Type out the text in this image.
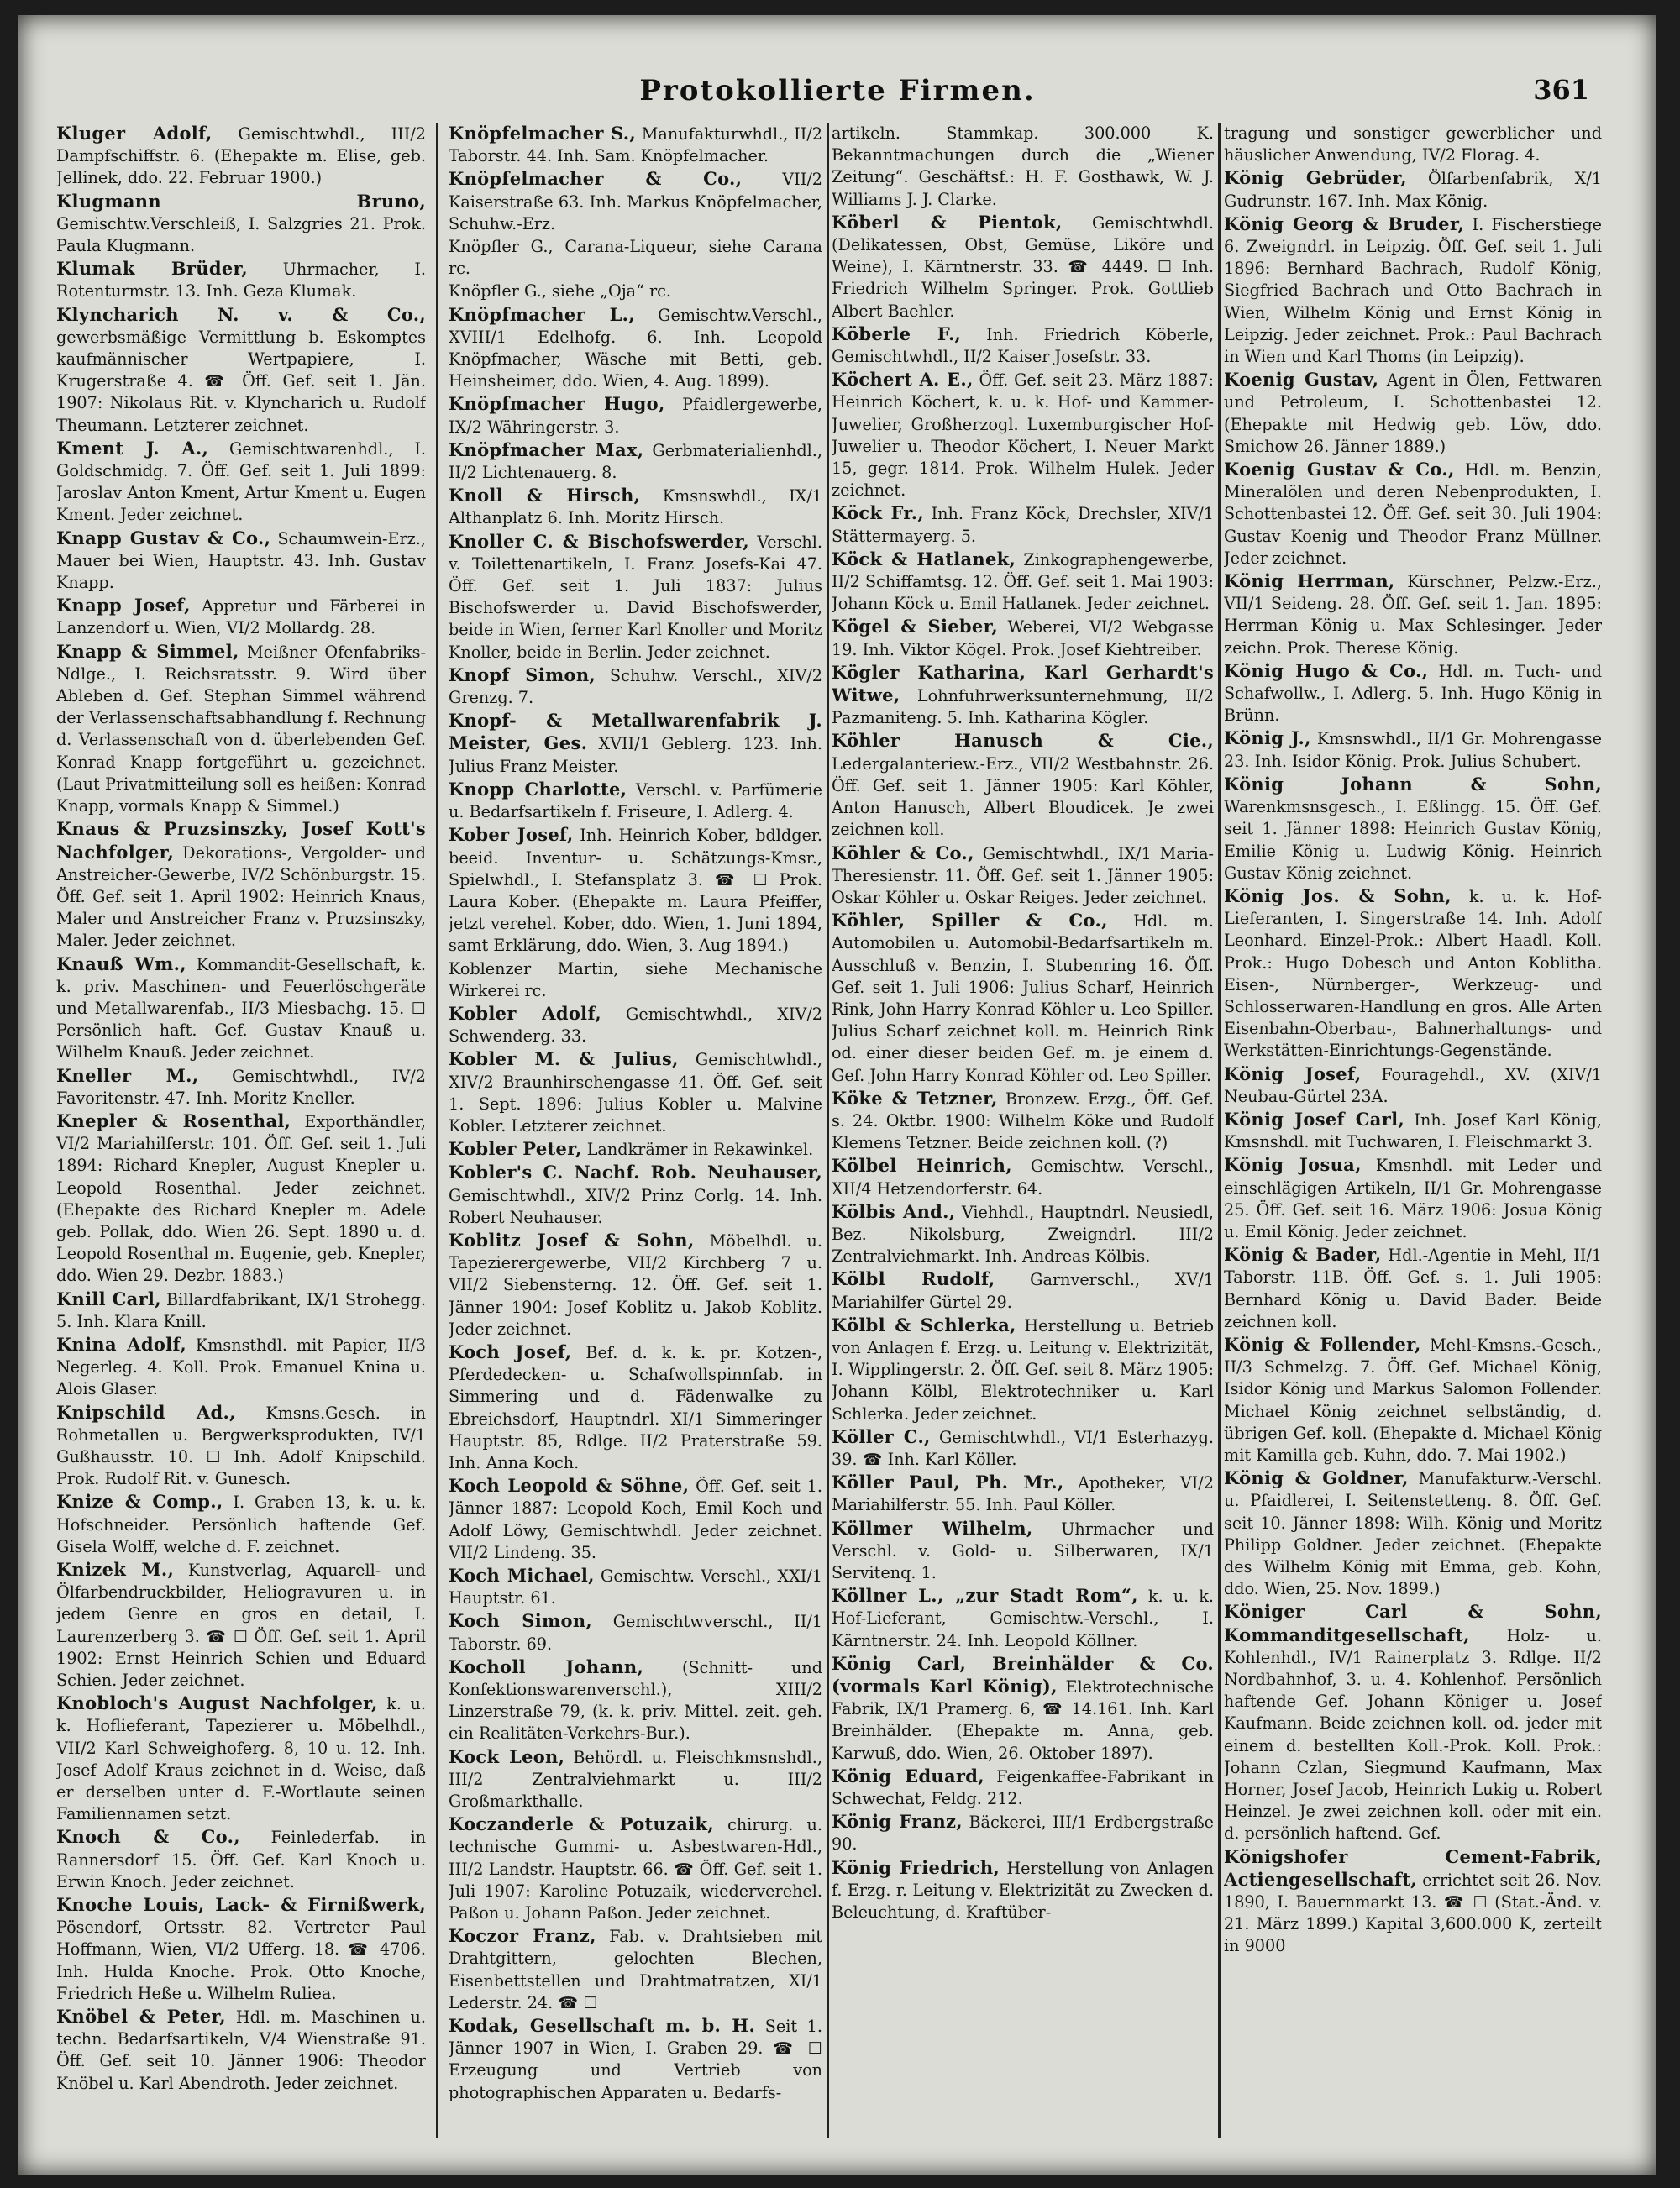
Protokollierte Firmen.	361
Kluger Adolf, Gemischtwhdl., III/2 Dampfschiffstr. 6. (Ehepakte m. Elise, geb. Jellinek, ddo. 22. Februar 1900.)
Klugmann Bruno, Gemischtw.Verschleiß, I. Salzgries 21. Prok. Paula Klugmann.
Klumak Brüder, Uhrmacher, I. Rotenturmstr. 13. Inh. Geza Klumak.
Klyncharich N. v. & Co., gewerbsmäßige Vermittlung b. Eskomptes kaufmännischer Wertpapiere, I. Krugerstraße 4. ☎ Öff. Gef. seit 1. Jän. 1907: Nikolaus Rit. v. Klyncharich u. Rudolf Theumann. Letzterer zeichnet.
Kment J. A., Gemischtwarenhdl., I. Goldschmidg. 7. Öff. Gef. seit 1. Juli 1899: Jaroslav Anton Kment, Artur Kment u. Eugen Kment. Jeder zeichnet.
Knapp Gustav & Co., Schaumwein-Erz., Mauer bei Wien, Hauptstr. 43. Inh. Gustav Knapp.
Knapp Josef, Appretur und Färberei in Lanzendorf u. Wien, VI/2 Mollardg. 28.
Knapp & Simmel, Meißner Ofenfabriks-Ndlge., I. Reichsratsstr. 9. Wird über Ableben d. Gef. Stephan Simmel während der Verlassenschaftsabhandlung f. Rechnung d. Verlassenschaft von d. überlebenden Gef. Konrad Knapp fortgeführt u. gezeichnet. (Laut Privatmitteilung soll es heißen: Konrad Knapp, vormals Knapp & Simmel.)
Knaus & Pruzsinszky, Josef Kott's Nachfolger, Dekorations-, Vergolder- und Anstreicher-Gewerbe, IV/2 Schönburgstr. 15. Öff. Gef. seit 1. April 1902: Heinrich Knaus, Maler und Anstreicher Franz v. Pruzsinszky, Maler. Jeder zeichnet.
Knauß Wm., Kommandit-Gesellschaft, k. k. priv. Maschinen- und Feuerlöschgeräte und Metallwarenfab., II/3 Miesbachg. 15. ☐ Persönlich haft. Gef. Gustav Knauß u. Wilhelm Knauß. Jeder zeichnet.
Kneller M., Gemischtwhdl., IV/2 Favoritenstr. 47. Inh. Moritz Kneller.
Knepler & Rosenthal, Exporthändler, VI/2 Mariahilferstr. 101. Öff. Gef. seit 1. Juli 1894: Richard Knepler, August Knepler u. Leopold Rosenthal. Jeder zeichnet. (Ehepakte des Richard Knepler m. Adele geb. Pollak, ddo. Wien 26. Sept. 1890 u. d. Leopold Rosenthal m. Eugenie, geb. Knepler, ddo. Wien 29. Dezbr. 1883.)
Knill Carl, Billardfabrikant, IX/1 Strohegg. 5. Inh. Klara Knill.
Knina Adolf, Kmsnsthdl. mit Papier, II/3 Negerleg. 4. Koll. Prok. Emanuel Knina u. Alois Glaser.
Knipschild Ad., Kmsns.Gesch. in Rohmetallen u. Bergwerksprodukten, IV/1 Gußhausstr. 10. ☐ Inh. Adolf Knipschild. Prok. Rudolf Rit. v. Gunesch.
Knize & Comp., I. Graben 13, k. u. k. Hofschneider. Persönlich haftende Gef. Gisela Wolff, welche d. F. zeichnet.
Knizek M., Kunstverlag, Aquarell- und Ölfarbendruckbilder, Heliogravuren u. in jedem Genre en gros en detail, I. Laurenzerberg 3. ☎ ☐ Öff. Gef. seit 1. April 1902: Ernst Heinrich Schien und Eduard Schien. Jeder zeichnet.
Knobloch's August Nachfolger, k. u. k. Hoflieferant, Tapezierer u. Möbelhdl., VII/2 Karl Schweighoferg. 8, 10 u. 12. Inh. Josef Adolf Kraus zeichnet in d. Weise, daß er derselben unter d. F.-Wortlaute seinen Familiennamen setzt.
Knoch & Co., Feinlederfab. in Rannersdorf 15. Öff. Gef. Karl Knoch u. Erwin Knoch. Jeder zeichnet.
Knoche Louis, Lack- & Firnißwerk, Pösendorf, Ortsstr. 82. Vertreter Paul Hoffmann, Wien, VI/2 Ufferg. 18. ☎ 4706. Inh. Hulda Knoche. Prok. Otto Knoche, Friedrich Heße u. Wilhelm Ruliea.
Knöbel & Peter, Hdl. m. Maschinen u. techn. Bedarfsartikeln, V/4 Wienstraße 91. Öff. Gef. seit 10. Jänner 1906: Theodor Knöbel u. Karl Abendroth. Jeder zeichnet.
Knöpfelmacher S., Manufakturwhdl., II/2 Taborstr. 44. Inh. Sam. Knöpfelmacher.
Knöpfelmacher & Co., VII/2 Kaiserstraße 63. Inh. Markus Knöpfelmacher, Schuhw.-Erz.
Knöpfler G., Carana-Liqueur, siehe Carana rc.
Knöpfler G., siehe „Oja“ rc.
Knöpfmacher L., Gemischtw.Verschl., XVIII/1 Edelhofg. 6. Inh. Leopold Knöpfmacher, Wäsche mit Betti, geb. Heinsheimer, ddo. Wien, 4. Aug. 1899).
Knöpfmacher Hugo, Pfaidlergewerbe, IX/2 Währingerstr. 3.
Knöpfmacher Max, Gerbmaterialienhdl., II/2 Lichtenauerg. 8.
Knoll & Hirsch, Kmsnswhdl., IX/1 Althanplatz 6. Inh. Moritz Hirsch.
Knoller C. & Bischofswerder, Verschl. v. Toilettenartikeln, I. Franz Josefs-Kai 47. Öff. Gef. seit 1. Juli 1837: Julius Bischofswerder u. David Bischofswerder, beide in Wien, ferner Karl Knoller und Moritz Knoller, beide in Berlin. Jeder zeichnet.
Knopf Simon, Schuhw. Verschl., XIV/2 Grenzg. 7.
Knopf- & Metallwarenfabrik J. Meister, Ges. XVII/1 Geblerg. 123. Inh. Julius Franz Meister.
Knopp Charlotte, Verschl. v. Parfümerie u. Bedarfsartikeln f. Friseure, I. Adlerg. 4.
Kober Josef, Inh. Heinrich Kober, bdldger. beeid. Inventur- u. Schätzungs-Kmsr., Spielwhdl., I. Stefansplatz 3. ☎ ☐ Prok. Laura Kober. (Ehepakte m. Laura Pfeiffer, jetzt verehel. Kober, ddo. Wien, 1. Juni 1894, samt Erklärung, ddo. Wien, 3. Aug 1894.)
Koblenzer Martin, siehe Mechanische Wirkerei rc.
Kobler Adolf, Gemischtwhdl., XIV/2 Schwenderg. 33.
Kobler M. & Julius, Gemischtwhdl., XIV/2 Braunhirschengasse 41. Öff. Gef. seit 1. Sept. 1896: Julius Kobler u. Malvine Kobler. Letzterer zeichnet.
Kobler Peter, Landkrämer in Rekawinkel.
Kobler's C. Nachf. Rob. Neuhauser, Gemischtwhdl., XIV/2 Prinz Corlg. 14. Inh. Robert Neuhauser.
Koblitz Josef & Sohn, Möbelhdl. u. Tapezierergewerbe, VII/2 Kirchberg 7 u. VII/2 Siebensterng. 12. Öff. Gef. seit 1. Jänner 1904: Josef Koblitz u. Jakob Koblitz. Jeder zeichnet.
Koch Josef, Bef. d. k. k. pr. Kotzen-, Pferdedecken- u. Schafwollspinnfab. in Simmering und d. Fädenwalke zu Ebreichsdorf, Hauptndrl. XI/1 Simmeringer Hauptstr. 85, Rdlge. II/2 Praterstraße 59. Inh. Anna Koch.
Koch Leopold & Söhne, Öff. Gef. seit 1. Jänner 1887: Leopold Koch, Emil Koch und Adolf Löwy, Gemischtwhdl. Jeder zeichnet. VII/2 Lindeng. 35.
Koch Michael, Gemischtw. Verschl., XXI/1 Hauptstr. 61.
Koch Simon, Gemischtwverschl., II/1 Taborstr. 69.
Kocholl Johann, (Schnitt- und Konfektionswarenverschl.), XIII/2 Linzerstraße 79, (k. k. priv. Mittel. zeit. geh. ein Realitäten-Verkehrs-Bur.).
Kock Leon, Behördl. u. Fleischkmsnshdl., III/2 Zentralviehmarkt u. III/2 Großmarkthalle.
Koczanderle & Potuzaik, chirurg. u. technische Gummi- u. Asbestwaren-Hdl., III/2 Landstr. Hauptstr. 66. ☎ Öff. Gef. seit 1. Juli 1907: Karoline Potuzaik, wiederverehel. Paßon u. Johann Paßon. Jeder zeichnet.
Koczor Franz, Fab. v. Drahtsieben mit Drahtgittern, gelochten Blechen, Eisenbettstellen und Drahtmatratzen, XI/1 Lederstr. 24. ☎ ☐
Kodak, Gesellschaft m. b. H. Seit 1. Jänner 1907 in Wien, I. Graben 29. ☎ ☐ Erzeugung und Vertrieb von photographischen Apparaten u. Bedarfs-
artikeln. Stammkap. 300.000 K. Bekanntmachungen durch die „Wiener Zeitung“. Geschäftsf.: H. F. Gosthawk, W. J. Williams J. J. Clarke.
Köberl & Pientok, Gemischtwhdl. (Delikatessen, Obst, Gemüse, Liköre und Weine), I. Kärntnerstr. 33. ☎ 4449. ☐ Inh. Friedrich Wilhelm Springer. Prok. Gottlieb Albert Baehler.
Köberle F., Inh. Friedrich Köberle, Gemischtwhdl., II/2 Kaiser Josefstr. 33.
Köchert A. E., Öff. Gef. seit 23. März 1887: Heinrich Köchert, k. u. k. Hof- und Kammer-Juwelier, Großherzogl. Luxemburgischer Hof-Juwelier u. Theodor Köchert, I. Neuer Markt 15, gegr. 1814. Prok. Wilhelm Hulek. Jeder zeichnet.
Köck Fr., Inh. Franz Köck, Drechsler, XIV/1 Stättermayerg. 5.
Köck & Hatlanek, Zinkographengewerbe, II/2 Schiffamtsg. 12. Öff. Gef. seit 1. Mai 1903: Johann Köck u. Emil Hatlanek. Jeder zeichnet.
Kögel & Sieber, Weberei, VI/2 Webgasse 19. Inh. Viktor Kögel. Prok. Josef Kiehtreiber.
Kögler Katharina, Karl Gerhardt's Witwe, Lohnfuhrwerksunternehmung, II/2 Pazmaniteng. 5. Inh. Katharina Kögler.
Köhler Hanusch & Cie., Ledergalanteriew.-Erz., VII/2 Westbahnstr. 26. Öff. Gef. seit 1. Jänner 1905: Karl Köhler, Anton Hanusch, Albert Bloudicek. Je zwei zeichnen koll.
Köhler & Co., Gemischtwhdl., IX/1 Maria-Theresienstr. 11. Öff. Gef. seit 1. Jänner 1905: Oskar Köhler u. Oskar Reiges. Jeder zeichnet.
Köhler, Spiller & Co., Hdl. m. Automobilen u. Automobil-Bedarfsartikeln m. Ausschluß v. Benzin, I. Stubenring 16. Öff. Gef. seit 1. Juli 1906: Julius Scharf, Heinrich Rink, John Harry Konrad Köhler u. Leo Spiller. Julius Scharf zeichnet koll. m. Heinrich Rink od. einer dieser beiden Gef. m. je einem d. Gef. John Harry Konrad Köhler od. Leo Spiller.
Köke & Tetzner, Bronzew. Erzg., Öff. Gef. s. 24. Oktbr. 1900: Wilhelm Köke und Rudolf Klemens Tetzner. Beide zeichnen koll. (?)
Kölbel Heinrich, Gemischtw. Verschl., XII/4 Hetzendorferstr. 64.
Kölbis And., Viehhdl., Hauptndrl. Neusiedl, Bez. Nikolsburg, Zweigndrl. III/2 Zentralviehmarkt. Inh. Andreas Kölbis.
Kölbl Rudolf, Garnverschl., XV/1 Mariahilfer Gürtel 29.
Kölbl & Schlerka, Herstellung u. Betrieb von Anlagen f. Erzg. u. Leitung v. Elektrizität, I. Wipplingerstr. 2. Öff. Gef. seit 8. März 1905: Johann Kölbl, Elektrotechniker u. Karl Schlerka. Jeder zeichnet.
Köller C., Gemischtwhdl., VI/1 Esterhazyg. 39. ☎ Inh. Karl Köller.
Köller Paul, Ph. Mr., Apotheker, VI/2 Mariahilferstr. 55. Inh. Paul Köller.
Köllmer Wilhelm, Uhrmacher und Verschl. v. Gold- u. Silberwaren, IX/1 Servitenq. 1.
Köllner L., „zur Stadt Rom“, k. u. k. Hof-Lieferant, Gemischtw.-Verschl., I. Kärntnerstr. 24. Inh. Leopold Köllner.
König Carl, Breinhälder & Co. (vormals Karl König), Elektrotechnische Fabrik, IX/1 Pramerg. 6, ☎ 14.161. Inh. Karl Breinhälder. (Ehepakte m. Anna, geb. Karwuß, ddo. Wien, 26. Oktober 1897).
König Eduard, Feigenkaffee-Fabrikant in Schwechat, Feldg. 212.
König Franz, Bäckerei, III/1 Erdbergstraße 90.
König Friedrich, Herstellung von Anlagen f. Erzg. r. Leitung v. Elektrizität zu Zwecken d. Beleuchtung, d. Kraftüber-
tragung und sonstiger gewerblicher und häuslicher Anwendung, IV/2 Florag. 4.
König Gebrüder, Ölfarbenfabrik, X/1 Gudrunstr. 167. Inh. Max König.
König Georg & Bruder, I. Fischerstiege 6. Zweigndrl. in Leipzig. Öff. Gef. seit 1. Juli 1896: Bernhard Bachrach, Rudolf König, Siegfried Bachrach und Otto Bachrach in Wien, Wilhelm König und Ernst König in Leipzig. Jeder zeichnet. Prok.: Paul Bachrach in Wien und Karl Thoms (in Leipzig).
Koenig Gustav, Agent in Ölen, Fettwaren und Petroleum, I. Schottenbastei 12. (Ehepakte mit Hedwig geb. Löw, ddo. Smichow 26. Jänner 1889.)
Koenig Gustav & Co., Hdl. m. Benzin, Mineralölen und deren Nebenprodukten, I. Schottenbastei 12. Öff. Gef. seit 30. Juli 1904: Gustav Koenig und Theodor Franz Müllner. Jeder zeichnet.
König Herrman, Kürschner, Pelzw.-Erz., VII/1 Seideng. 28. Öff. Gef. seit 1. Jan. 1895: Herrman König u. Max Schlesinger. Jeder zeichn. Prok. Therese König.
König Hugo & Co., Hdl. m. Tuch- und Schafwollw., I. Adlerg. 5. Inh. Hugo König in Brünn.
König J., Kmsnswhdl., II/1 Gr. Mohrengasse 23. Inh. Isidor König. Prok. Julius Schubert.
König Johann & Sohn, Warenkmsnsgesch., I. Eßlingg. 15. Öff. Gef. seit 1. Jänner 1898: Heinrich Gustav König, Emilie König u. Ludwig König. Heinrich Gustav König zeichnet.
König Jos. & Sohn, k. u. k. Hof-Lieferanten, I. Singerstraße 14. Inh. Adolf Leonhard. Einzel-Prok.: Albert Haadl. Koll. Prok.: Hugo Dobesch und Anton Koblitha. Eisen-, Nürnberger-, Werkzeug- und Schlosserwaren-Handlung en gros. Alle Arten Eisenbahn-Oberbau-, Bahnerhaltungs- und Werkstätten-Einrichtungs-Gegenstände.
König Josef, Fouragehdl., XV. (XIV/1 Neubau-Gürtel 23A.
König Josef Carl, Inh. Josef Karl König, Kmsnshdl. mit Tuchwaren, I. Fleischmarkt 3.
König Josua, Kmsnhdl. mit Leder und einschlägigen Artikeln, II/1 Gr. Mohrengasse 25. Öff. Gef. seit 16. März 1906: Josua König u. Emil König. Jeder zeichnet.
König & Bader, Hdl.-Agentie in Mehl, II/1 Taborstr. 11B. Öff. Gef. s. 1. Juli 1905: Bernhard König u. David Bader. Beide zeichnen koll.
König & Follender, Mehl-Kmsns.-Gesch., II/3 Schmelzg. 7. Öff. Gef. Michael König, Isidor König und Markus Salomon Follender. Michael König zeichnet selbständig, d. übrigen Gef. koll. (Ehepakte d. Michael König mit Kamilla geb. Kuhn, ddo. 7. Mai 1902.)
König & Goldner, Manufakturw.-Verschl. u. Pfaidlerei, I. Seitenstetteng. 8. Öff. Gef. seit 10. Jänner 1898: Wilh. König und Moritz Philipp Goldner. Jeder zeichnet. (Ehepakte des Wilhelm König mit Emma, geb. Kohn, ddo. Wien, 25. Nov. 1899.)
Königer Carl & Sohn, Kommanditgesellschaft, Holz- u. Kohlenhdl., IV/1 Rainerplatz 3. Rdlge. II/2 Nordbahnhof, 3. u. 4. Kohlenhof. Persönlich haftende Gef. Johann Königer u. Josef Kaufmann. Beide zeichnen koll. od. jeder mit einem d. bestellten Koll.-Prok. Koll. Prok.: Johann Czlan, Siegmund Kaufmann, Max Horner, Josef Jacob, Heinrich Lukig u. Robert Heinzel. Je zwei zeichnen koll. oder mit ein. d. persönlich haftend. Gef.
Königshofer Cement-Fabrik, Actiengesellschaft, errichtet seit 26. Nov. 1890, I. Bauernmarkt 13. ☎ ☐ (Stat.-Änd. v. 21. März 1899.) Kapital 3,600.000 K, zerteilt in 9000
